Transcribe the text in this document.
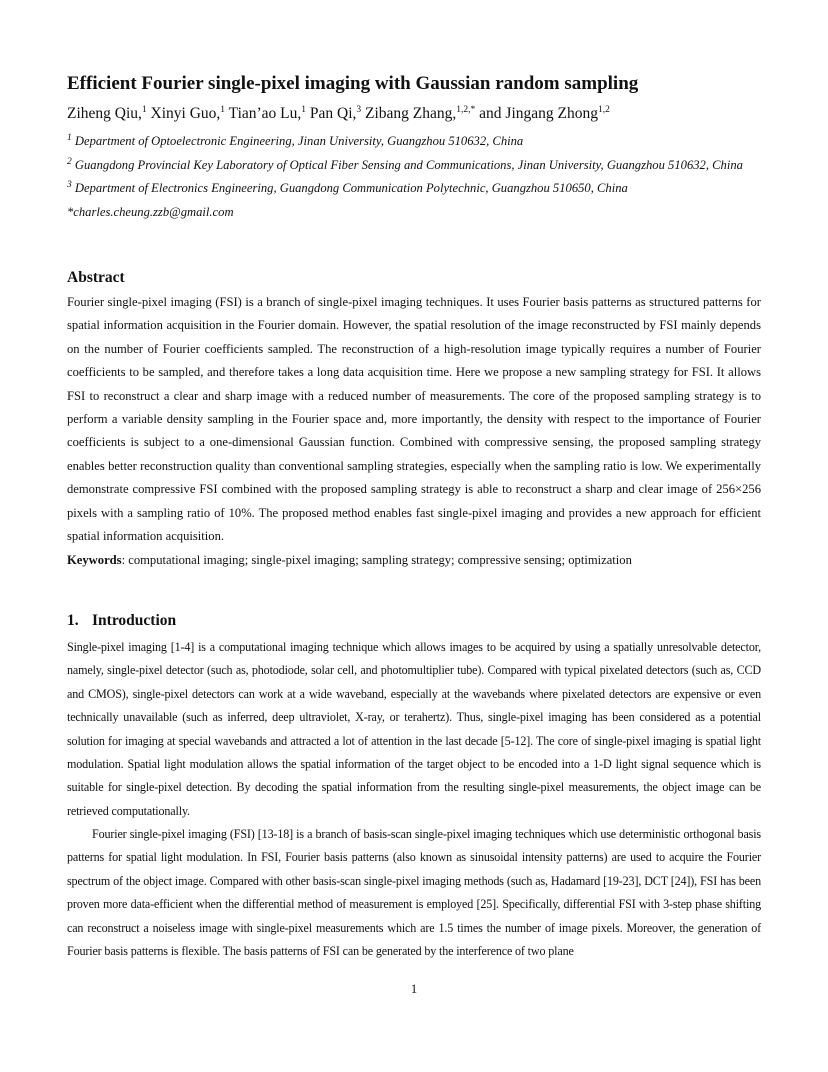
Efficient Fourier single-pixel imaging with Gaussian random sampling
Ziheng Qiu,$^1$ Xinyi Guo,$^1$ Tian’ao Lu,$^1$ Pan Qi,$^3$ Zibang Zhang,$^{1,2,*}$ and Jingang Zhong$^{1,2}$
$^1$ Department of Optoelectronic Engineering, Jinan University, Guangzhou 510632, China
$^2$ Guangdong Provincial Key Laboratory of Optical Fiber Sensing and Communications, Jinan University, Guangzhou 510632, China
$^3$ Department of Electronics Engineering, Guangdong Communication Polytechnic, Guangzhou 510650, China
*charles.cheung.zzb@gmail.com
Abstract
Fourier single-pixel imaging (FSI) is a branch of single-pixel imaging techniques. It uses Fourier basis patterns as structured patterns for spatial information acquisition in the Fourier domain. However, the spatial resolution of the image reconstructed by FSI mainly depends on the number of Fourier coefficients sampled. The reconstruction of a high-resolution image typically requires a number of Fourier coefficients to be sampled, and therefore takes a long data acquisition time. Here we propose a new sampling strategy for FSI. It allows FSI to reconstruct a clear and sharp image with a reduced number of measurements. The core of the proposed sampling strategy is to perform a variable density sampling in the Fourier space and, more importantly, the density with respect to the importance of Fourier coefficients is subject to a one-dimensional Gaussian function. Combined with compressive sensing, the proposed sampling strategy enables better reconstruction quality than conventional sampling strategies, especially when the sampling ratio is low. We experimentally demonstrate compressive FSI combined with the proposed sampling strategy is able to reconstruct a sharp and clear image of 256×256 pixels with a sampling ratio of 10%. The proposed method enables fast single-pixel imaging and provides a new approach for efficient spatial information acquisition.
Keywords: computational imaging; single-pixel imaging; sampling strategy; compressive sensing; optimization
1. Introduction
Single-pixel imaging [1-4] is a computational imaging technique which allows images to be acquired by using a spatially unresolvable detector, namely, single-pixel detector (such as, photodiode, solar cell, and photomultiplier tube). Compared with typical pixelated detectors (such as, CCD and CMOS), single-pixel detectors can work at a wide waveband, especially at the wavebands where pixelated detectors are expensive or even technically unavailable (such as inferred, deep ultraviolet, X-ray, or terahertz). Thus, single-pixel imaging has been considered as a potential solution for imaging at special wavebands and attracted a lot of attention in the last decade [5-12]. The core of single-pixel imaging is spatial light modulation. Spatial light modulation allows the spatial information of the target object to be encoded into a 1-D light signal sequence which is suitable for single-pixel detection. By decoding the spatial information from the resulting single-pixel measurements, the object image can be retrieved computationally.
Fourier single-pixel imaging (FSI) [13-18] is a branch of basis-scan single-pixel imaging techniques which use deterministic orthogonal basis patterns for spatial light modulation. In FSI, Fourier basis patterns (also known as sinusoidal intensity patterns) are used to acquire the Fourier spectrum of the object image. Compared with other basis-scan single-pixel imaging methods (such as, Hadamard [19-23], DCT [24]), FSI has been proven more data-efficient when the differential method of measurement is employed [25]. Specifically, differential FSI with 3-step phase shifting can reconstruct a noiseless image with single-pixel measurements which are 1.5 times the number of image pixels. Moreover, the generation of Fourier basis patterns is flexible. The basis patterns of FSI can be generated by the interference of two plane
1
